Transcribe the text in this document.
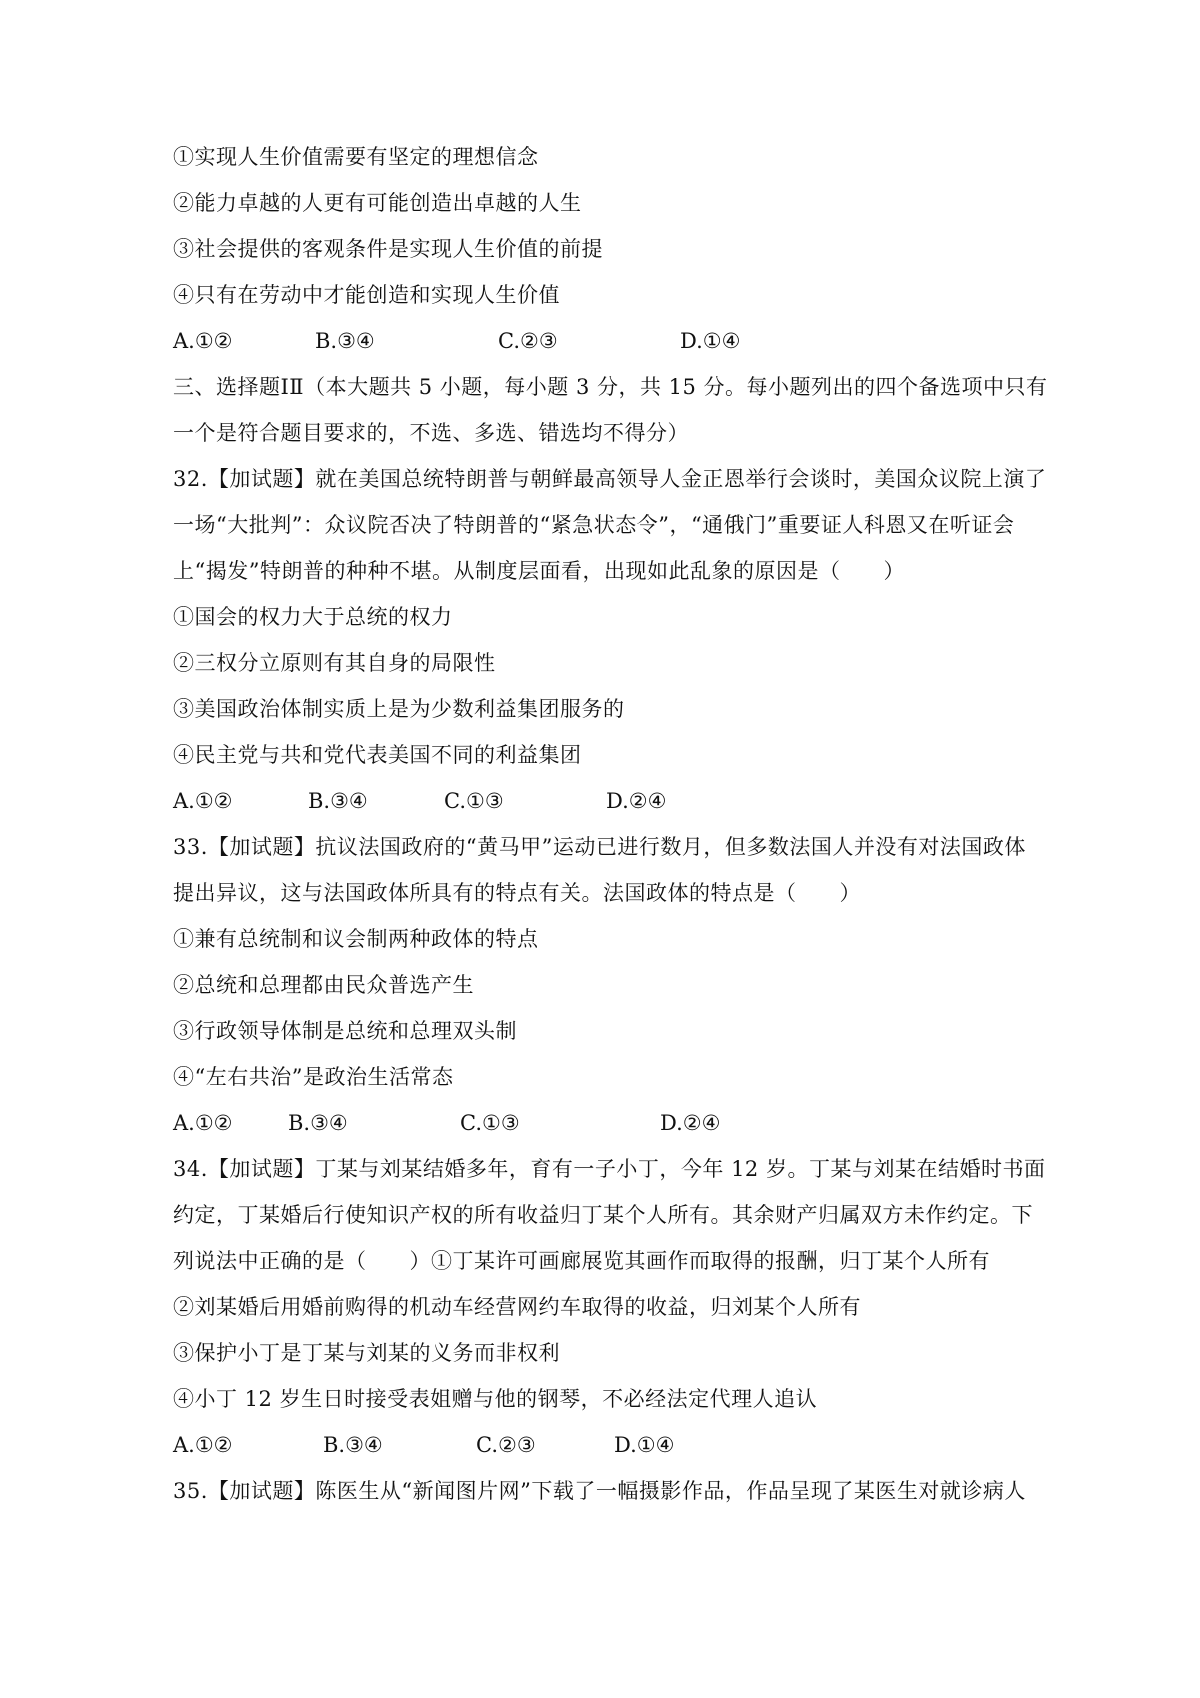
①实现人生价值需要有坚定的理想信念
②能力卓越的人更有可能创造出卓越的人生
③社会提供的客观条件是实现人生价值的前提
④只有在劳动中才能创造和实现人生价值
A.①②	B.③④	C.②③	D.①④
三、选择题ⅠⅡ（本大题共 5 小题，每小题 3 分，共 15 分。每小题列出的四个备选项中只有
一个是符合题目要求的，不选、多选、错选均不得分）
32.【加试题】就在美国总统特朗普与朝鲜最高领导人金正恩举行会谈时，美国众议院上演了
一场“大批判”：众议院否决了特朗普的“紧急状态令”，“通俄门”重要证人科恩又在听证会
上“揭发”特朗普的种种不堪。从制度层面看，出现如此乱象的原因是（　　）
①国会的权力大于总统的权力
②三权分立原则有其自身的局限性
③美国政治体制实质上是为少数利益集团服务的
④民主党与共和党代表美国不同的利益集团
A.①②	B.③④	C.①③	D.②④
33.【加试题】抗议法国政府的“黄马甲”运动已进行数月，但多数法国人并没有对法国政体
提出异议，这与法国政体所具有的特点有关。法国政体的特点是（　　）
①兼有总统制和议会制两种政体的特点
②总统和总理都由民众普选产生
③行政领导体制是总统和总理双头制
④“左右共治”是政治生活常态
A.①②	B.③④	C.①③	D.②④
34.【加试题】丁某与刘某结婚多年，育有一子小丁，今年 12 岁。丁某与刘某在结婚时书面
约定，丁某婚后行使知识产权的所有收益归丁某个人所有。其余财产归属双方未作约定。下
列说法中正确的是（　　）①丁某许可画廊展览其画作而取得的报酬，归丁某个人所有
②刘某婚后用婚前购得的机动车经营网约车取得的收益，归刘某个人所有
③保护小丁是丁某与刘某的义务而非权利
④小丁 12 岁生日时接受表姐赠与他的钢琴，不必经法定代理人追认
A.①②	B.③④	C.②③	D.①④
35.【加试题】陈医生从“新闻图片网”下载了一幅摄影作品，作品呈现了某医生对就诊病人
